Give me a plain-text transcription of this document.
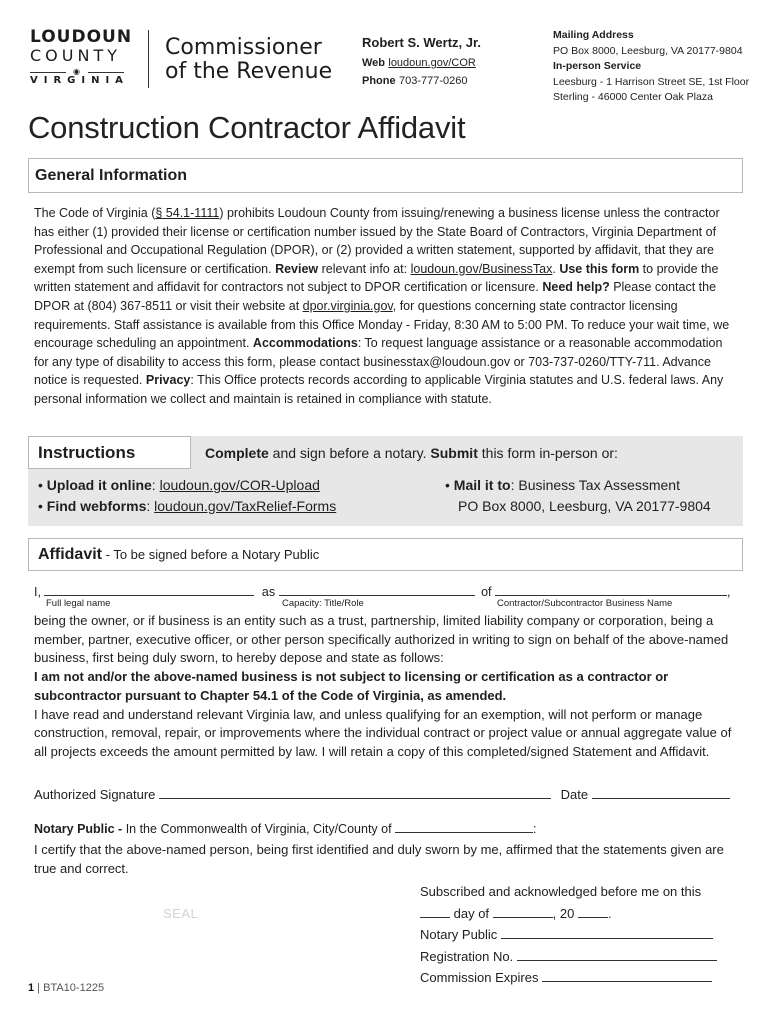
LOUDOUN
COUNTY
◉
VIRGINIA
Commissioner
of the Revenue
Robert S. Wertz, Jr.
Web loudoun.gov/COR
Phone 703-777-0260
Mailing Address
PO Box 8000, Leesburg, VA 20177-9804
In-person Service
Leesburg - 1 Harrison Street SE, 1st Floor
Sterling - 46000 Center Oak Plaza
Construction Contractor Affidavit
General Information
The Code of Virginia (§ 54.1-1111) prohibits Loudoun County from issuing/renewing a business license unless the contractor has either (1) provided their license or certification number issued by the State Board of Contractors, Virginia Department of Professional and Occupational Regulation (DPOR), or (2) provided a written statement, supported by affidavit, that they are exempt from such licensure or certification. Review relevant info at: loudoun.gov/BusinessTax. Use this form to provide the written statement and affidavit for contractors not subject to DPOR certification or licensure. Need help? Please contact the DPOR at (804) 367-8511 or visit their website at dpor.virginia.gov, for questions concerning state contractor licensing requirements. Staff assistance is available from this Office Monday - Friday, 8:30 AM to 5:00 PM. To reduce your wait time, we encourage scheduling an appointment. Accommodations: To request language assistance or a reasonable accommodation for any type of disability to access this form, please contact businesstax@loudoun.gov or 703-737-0260/TTY-711. Advance notice is requested. Privacy: This Office protects records according to applicable Virginia statutes and U.S. federal laws. Any personal information we collect and maintain is retained in compliance with statute.
Instructions	Complete and sign before a notary. Submit this form in-person or:
• Upload it online: loudoun.gov/COR-Upload
• Find webforms: loudoun.gov/TaxRelief-Forms
• Mail it to: Business Tax Assessment
PO Box 8000, Leesburg, VA 20177-9804
Affidavit - To be signed before a Notary Public
I,	as	of	,
Full legal name	Capacity: Title/Role	Contractor/Subcontractor Business Name
being the owner, or if business is an entity such as a trust, partnership, limited liability company or corporation, being a member, partner, executive officer, or other person specifically authorized in writing to sign on behalf of the above-named business, first being duly sworn, to hereby depose and state as follows:
I am not and/or the above-named business is not subject to licensing or certification as a contractor or subcontractor pursuant to Chapter 54.1 of the Code of Virginia, as amended.
I have read and understand relevant Virginia law, and unless qualifying for an exemption, will not perform or manage construction, removal, repair, or improvements where the individual contract or project value or annual aggregate value of all projects exceeds the amount permitted by law. I will retain a copy of this completed/signed Statement and Affidavit.
Authorized Signature	Date
Notary Public - In the Commonwealth of Virginia, City/County of	:
I certify that the above-named person, being first identified and duly sworn by me, affirmed that the statements given are true and correct.
SEAL
Subscribed and acknowledged before me on this
day of	, 20	.
Notary Public
Registration No.
Commission Expires
1 | BTA10-1225
